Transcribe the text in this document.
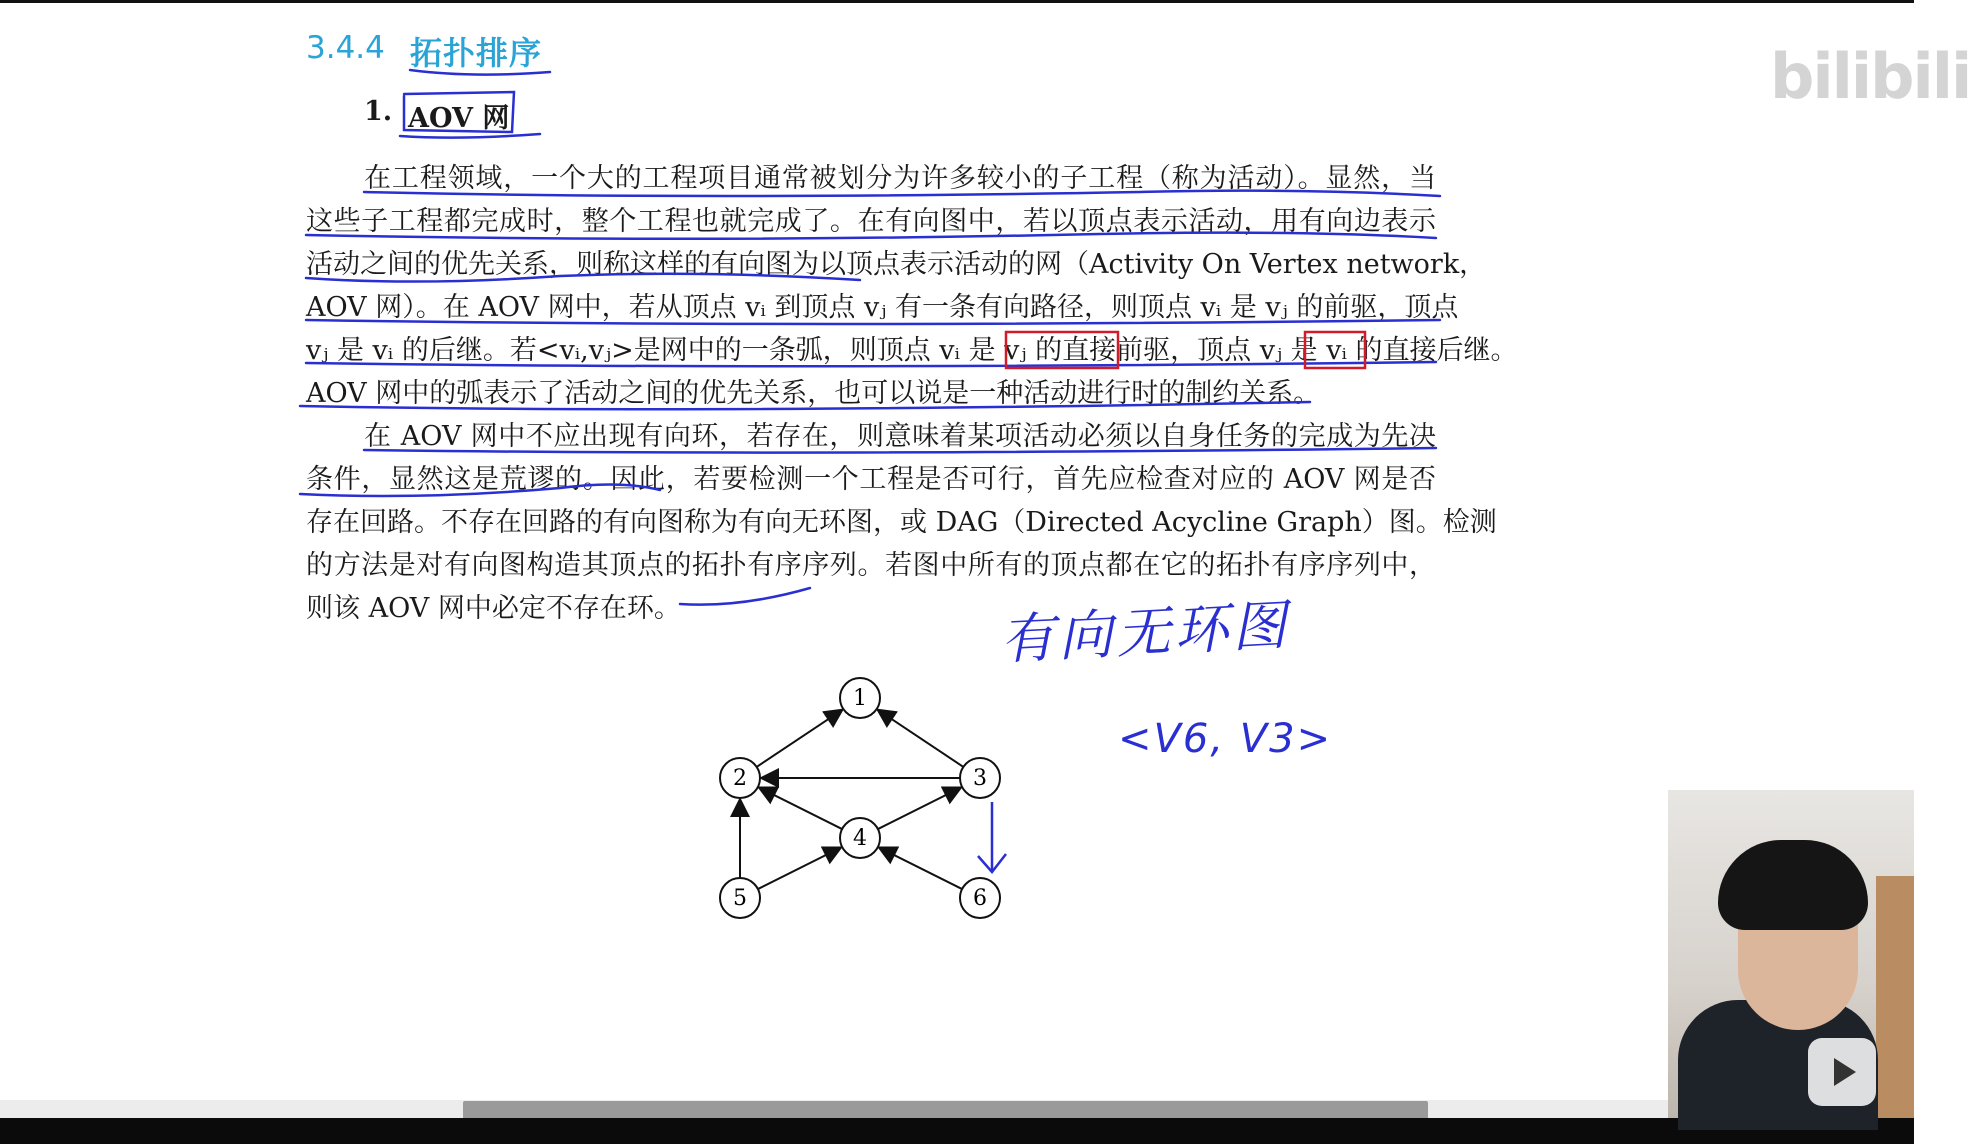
bilibili
3.4.4 拓扑排序
1. AOV 网
在工程领域，一个大的工程项目通常被划分为许多较小的子工程（称为活动）。显然，当
这些子工程都完成时，整个工程也就完成了。在有向图中，若以顶点表示活动，用有向边表示
活动之间的优先关系，则称这样的有向图为以顶点表示活动的网（Activity On Vertex network，
AOV 网）。在 AOV 网中，若从顶点 vᵢ 到顶点 vⱼ 有一条有向路径，则顶点 vᵢ 是 vⱼ 的前驱，顶点
vⱼ 是 vᵢ 的后继。若<vᵢ,vⱼ>是网中的一条弧，则顶点 vᵢ 是 vⱼ 的直接前驱，顶点 vⱼ 是 vᵢ 的直接后继。
AOV 网中的弧表示了活动之间的优先关系，也可以说是一种活动进行时的制约关系。
在 AOV 网中不应出现有向环，若存在，则意味着某项活动必须以自身任务的完成为先决
条件，显然这是荒谬的。因此，若要检测一个工程是否可行，首先应检查对应的 AOV 网是否
存在回路。不存在回路的有向图称为有向无环图，或 DAG（Directed Acycline Graph）图。检测
的方法是对有向图构造其顶点的拓扑有序序列。若图中所有的顶点都在它的拓扑有序序列中，
则该 AOV 网中必定不存在环。	有向无环图
<V6, V3>
1
2	3
4
5	6
